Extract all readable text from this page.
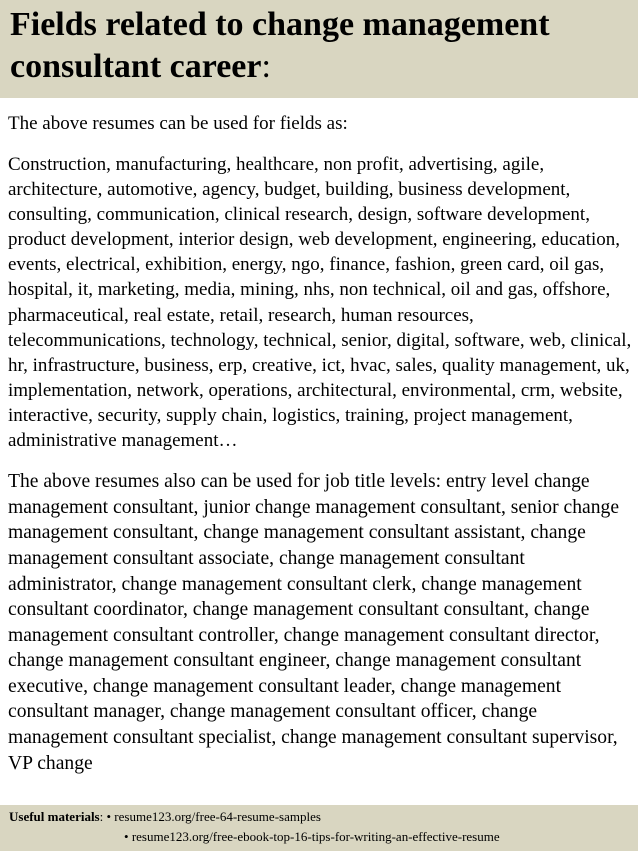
Fields related to change management consultant career:

The above resumes can be used for fields as:

Construction, manufacturing, healthcare, non profit, advertising, agile, architecture, automotive, agency, budget, building, business development, consulting, communication, clinical research, design, software development, product development, interior design, web development, engineering, education, events, electrical, exhibition, energy, ngo, finance, fashion, green card, oil gas, hospital, it, marketing, media, mining, nhs, non technical, oil and gas, offshore, pharmaceutical, real estate, retail, research, human resources, telecommunications, technology, technical, senior, digital, software, web, clinical, hr, infrastructure, business, erp, creative, ict, hvac, sales, quality management, uk, implementation, network, operations, architectural, environmental, crm, website, interactive, security, supply chain, logistics, training, project management, administrative management…

The above resumes also can be used for job title levels: entry level change management consultant, junior change management consultant, senior change management consultant, change management consultant assistant, change management consultant associate, change management consultant administrator, change management consultant clerk, change management consultant coordinator, change management consultant consultant, change management consultant controller, change management consultant director, change management consultant engineer, change management consultant executive, change management consultant leader, change management consultant manager, change management consultant officer, change management consultant specialist, change management consultant supervisor, VP change

Useful materials: • resume123.org/free-64-resume-samples
• resume123.org/free-ebook-top-16-tips-for-writing-an-effective-resume
